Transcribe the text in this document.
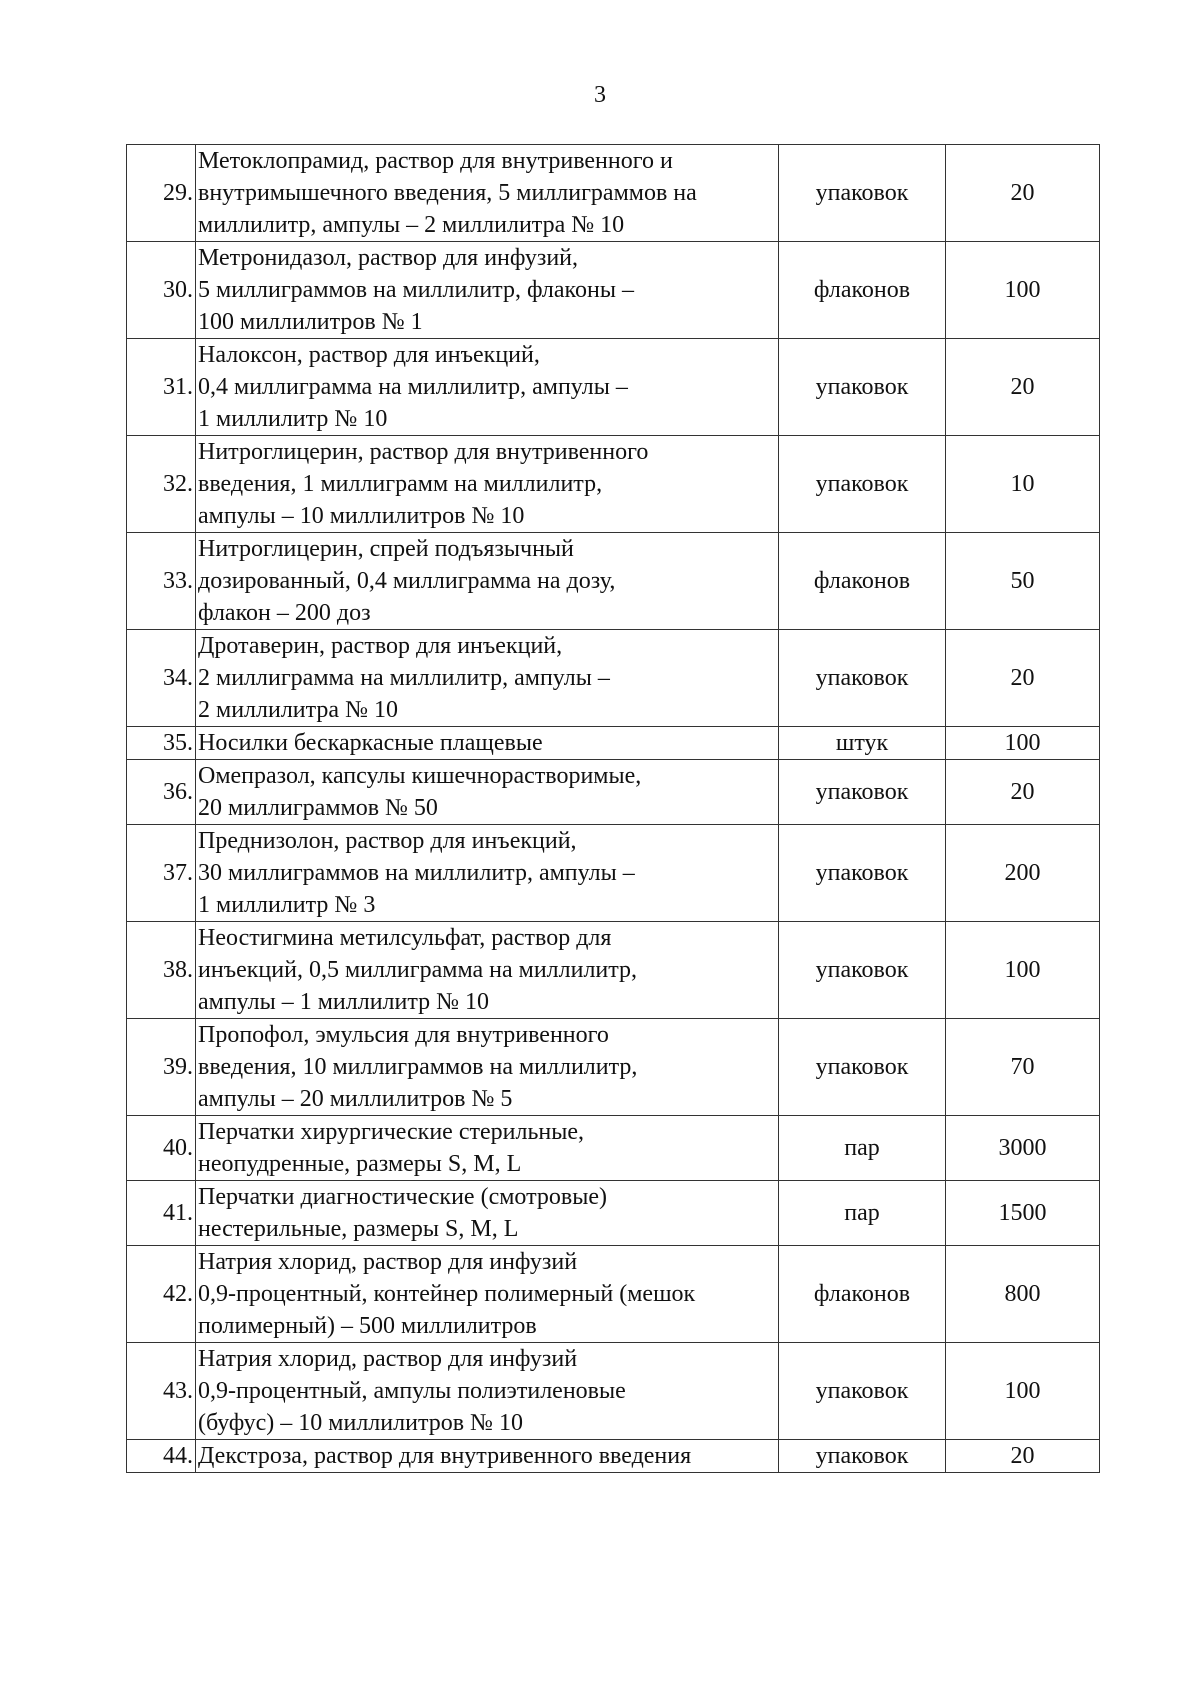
3
29.	Метоклопрамид, раствор для внутривенного и
внутримышечного введения, 5 миллиграммов на
миллилитр, ампулы – 2 миллилитра № 10	упаковок	20
30.	Метронидазол, раствор для инфузий,
5 миллиграммов на миллилитр, флаконы –
100 миллилитров № 1	флаконов	100
31.	Налоксон, раствор для инъекций,
0,4 миллиграмма на миллилитр, ампулы –
1 миллилитр № 10	упаковок	20
32.	Нитроглицерин, раствор для внутривенного
введения, 1 миллиграмм на миллилитр,
ампулы – 10 миллилитров № 10	упаковок	10
33.	Нитроглицерин, спрей подъязычный
дозированный, 0,4 миллиграмма на дозу,
флакон – 200 доз	флаконов	50
34.	Дротаверин, раствор для инъекций,
2 миллиграмма на миллилитр, ампулы –
2 миллилитра № 10	упаковок	20
35.	Носилки бескаркасные плащевые	штук	100
36.	Омепразол, капсулы кишечнорастворимые,
20 миллиграммов № 50	упаковок	20
37.	Преднизолон, раствор для инъекций,
30 миллиграммов на миллилитр, ампулы –
1 миллилитр № 3	упаковок	200
38.	Неостигмина метилсульфат, раствор для
инъекций, 0,5 миллиграмма на миллилитр,
ампулы – 1 миллилитр № 10	упаковок	100
39.	Пропофол, эмульсия для внутривенного
введения, 10 миллиграммов на миллилитр,
ампулы – 20 миллилитров № 5	упаковок	70
40.	Перчатки хирургические стерильные,
неопудренные, размеры S, M, L	пар	3000
41.	Перчатки диагностические (смотровые)
нестерильные, размеры S, M, L	пар	1500
42.	Натрия хлорид, раствор для инфузий
0,9-процентный, контейнер полимерный (мешок
полимерный) – 500 миллилитров	флаконов	800
43.	Натрия хлорид, раствор для инфузий
0,9-процентный, ампулы полиэтиленовые
(буфус) – 10 миллилитров № 10	упаковок	100
44.	Декстроза, раствор для внутривенного введения	упаковок	20
